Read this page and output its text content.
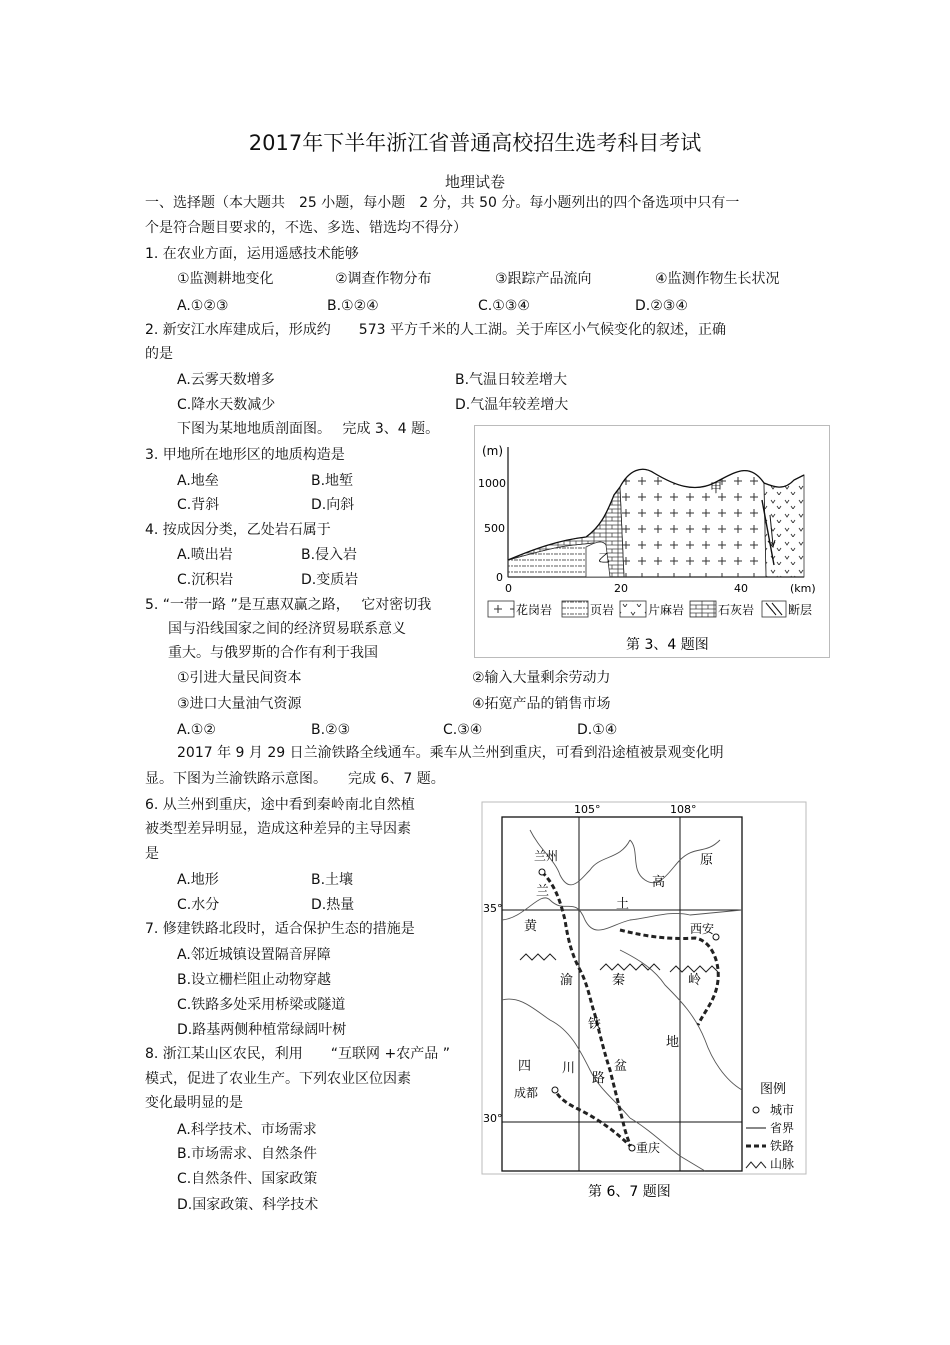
2017年下半年浙江省普通高校招生选考科目考试
地理试卷
一、选择题（本大题共　25 小题，每小题　2 分，共 50 分。每小题列出的四个备选项中只有一
个是符合题目要求的，不选、多选、错选均不得分）
1. 在农业方面，运用遥感技术能够
①监测耕地变化	②调查作物分布	③跟踪产品流向	④监测作物生长状况
A.①②③	B.①②④	C.①③④	D.②③④
2. 新安江水库建成后，形成约　　573 平方千米的人工湖。关于库区小气候变化的叙述，正确
的是
A.云雾天数增多	B.气温日较差增大
C.降水天数减少	D.气温年较差增大
下图为某地地质剖面图。　 完成 3、4 题。
3. 甲地所在地形区的地质构造是
A.地垒	B.地堑
C.背斜	D.向斜
4. 按成因分类，乙处岩石属于
A.喷出岩	B.侵入岩
C.沉积岩	D.变质岩
5. “一带一路 ”是互惠双赢之路，　 它对密切我
国与沿线国家之间的经济贸易联系意义
重大。与俄罗斯的合作有利于我国
①引进大量民间资本	②输入大量剩余劳动力
③进口大量油气资源	④拓宽产品的销售市场
A.①②	B.②③	C.③④	D.①④
2017 年 9 月 29 日兰渝铁路全线通车。乘车从兰州到重庆，可看到沿途植被景观变化明
显。下图为兰渝铁路示意图。　　完成 6、7 题。
6. 从兰州到重庆，途中看到秦岭南北自然植
被类型差异明显，造成这种差异的主导因素
是
A.地形	B.土壤
C.水分	D.热量
7. 修建铁路北段时，适合保护生态的措施是
A.邻近城镇设置隔音屏障
B.设立栅栏阻止动物穿越
C.铁路多处采用桥梁或隧道
D.路基两侧种植常绿阔叶树
8. 浙江某山区农民，利用　　“互联网 +农产品 ”
模式，促进了农业生产。下列农业区位因素
变化最明显的是
A.科学技术、市场需求
B.市场需求、自然条件
C.自然条件、国家政策
D.国家政策、科学技术
(m)
1000
500
0
0	20	40	(km)
甲
乙
花岗岩	页岩	片麻岩	石灰岩	断层
第 3、4 题图
105°	108°
35°
30°
兰州
西安
成都
重庆
兰
土
高
原
黄
秦	岭
渝
四 川	盆
地
铁
路
图例
城市
省界
铁路
山脉
第 6、7 题图
